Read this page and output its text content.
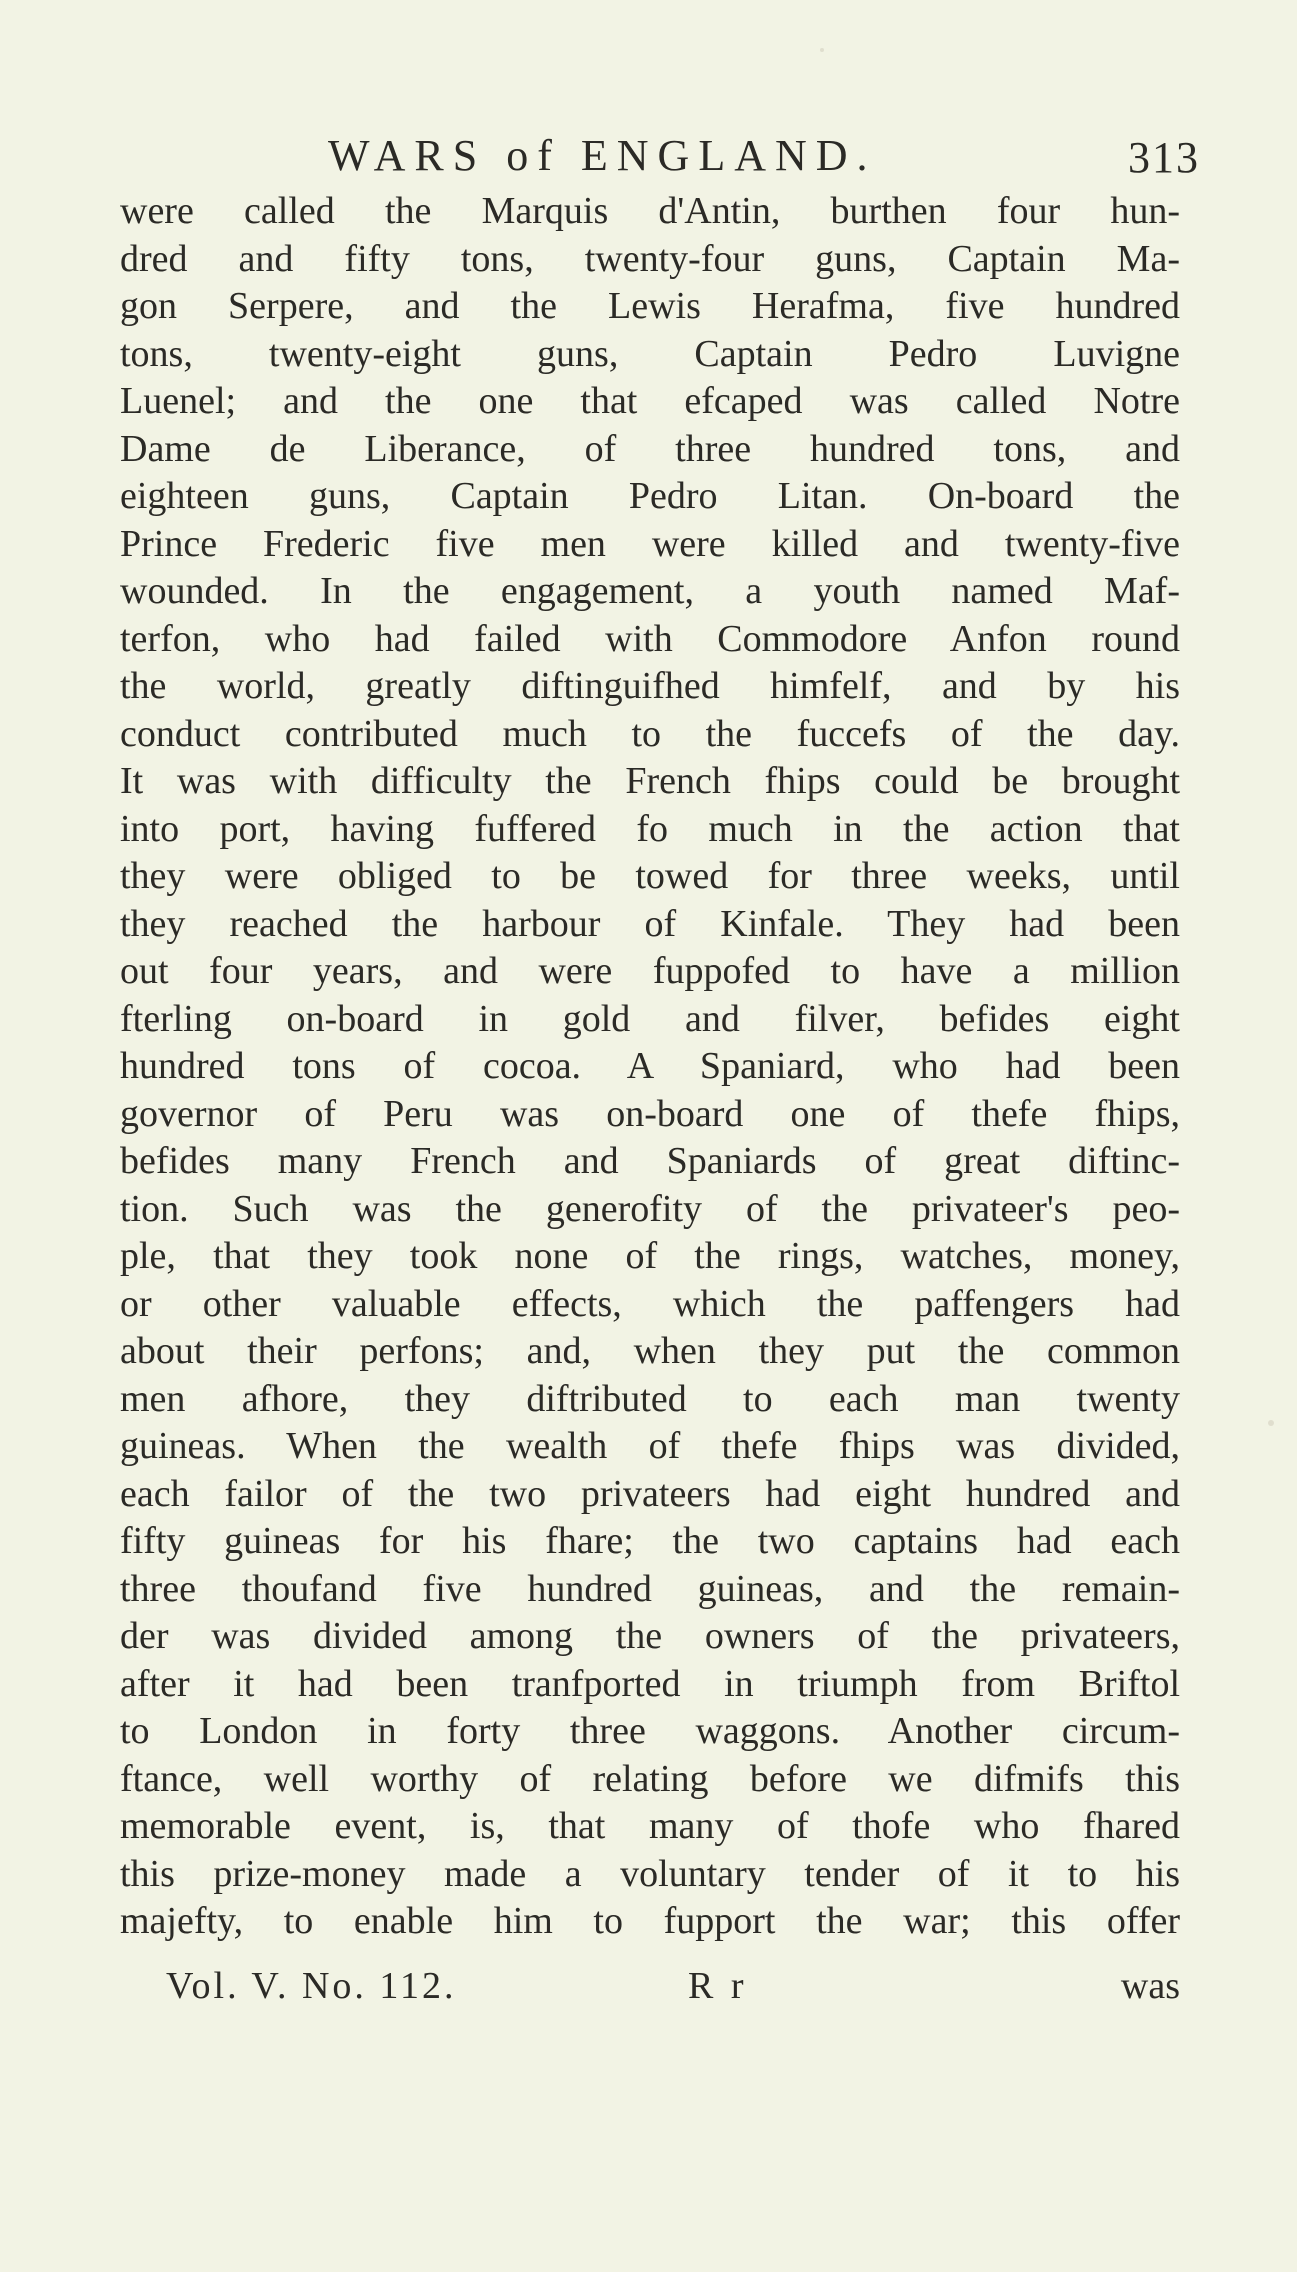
WARS of ENGLAND.	313
were called the Marquis d'Antin, burthen four hun-
dred and fifty tons, twenty-four guns, Captain Ma-
gon Serpere, and the Lewis Herafma, five hundred
tons, twenty-eight guns, Captain Pedro Luvigne
Luenel; and the one that efcaped was called Notre
Dame de Liberance, of three hundred tons, and
eighteen guns, Captain Pedro Litan. On-board the
Prince Frederic five men were killed and twenty-five
wounded. In the engagement, a youth named Maf-
terfon, who had failed with Commodore Anfon round
the world, greatly diftinguifhed himfelf, and by his
conduct contributed much to the fuccefs of the day.
It was with difficulty the French fhips could be brought
into port, having fuffered fo much in the action that
they were obliged to be towed for three weeks, until
they reached the harbour of Kinfale. They had been
out four years, and were fuppofed to have a million
fterling on-board in gold and filver, befides eight
hundred tons of cocoa. A Spaniard, who had been
governor of Peru was on-board one of thefe fhips,
befides many French and Spaniards of great diftinc-
tion. Such was the generofity of the privateer's peo-
ple, that they took none of the rings, watches, money,
or other valuable effects, which the paffengers had
about their perfons; and, when they put the common
men afhore, they diftributed to each man twenty
guineas. When the wealth of thefe fhips was divided,
each failor of the two privateers had eight hundred and
fifty guineas for his fhare; the two captains had each
three thoufand five hundred guineas, and the remain-
der was divided among the owners of the privateers,
after it had been tranfported in triumph from Briftol
to London in forty three waggons. Another circum-
ftance, well worthy of relating before we difmifs this
memorable event, is, that many of thofe who fhared
this prize-money made a voluntary tender of it to his
majefty, to enable him to fupport the war; this offer
Vol. V. No. 112.	R r	was
